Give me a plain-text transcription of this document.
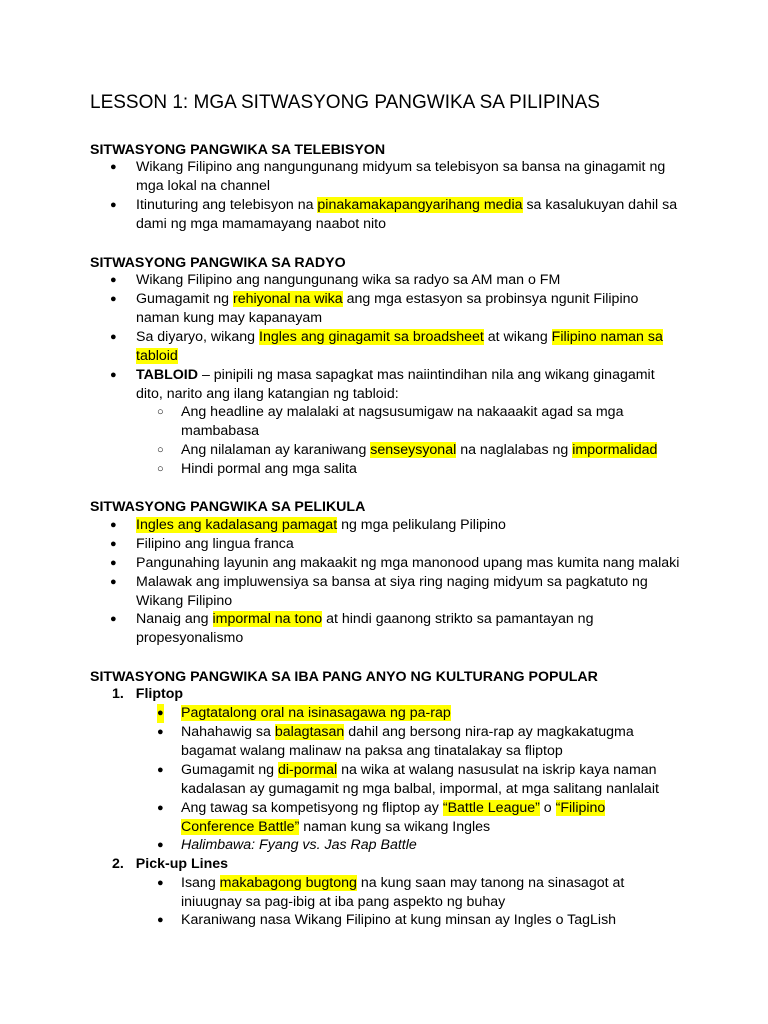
LESSON 1: MGA SITWASYONG PANGWIKA SA PILIPINAS
SITWASYONG PANGWIKA SA TELEBISYON
● Wikang Filipino ang nangungunang midyum sa telebisyon sa bansa na ginagamit ng mga lokal na channel
● Itinuturing ang telebisyon na pinakamakapangyarihang media sa kasalukuyan dahil sa dami ng mga mamamayang naabot nito
SITWASYONG PANGWIKA SA RADYO
● Wikang Filipino ang nangungunang wika sa radyo sa AM man o FM
● Gumagamit ng rehiyonal na wika ang mga estasyon sa probinsya ngunit Filipino naman kung may kapanayam
● Sa diyaryo, wikang Ingles ang ginagamit sa broadsheet at wikang Filipino naman sa tabloid
● TABLOID – pinipili ng masa sapagkat mas naiintindihan nila ang wikang ginagamit dito, narito ang ilang katangian ng tabloid:
○ Ang headline ay malalaki at nagsusumigaw na nakaaakit agad sa mga mambabasa
○ Ang nilalaman ay karaniwang senseysyonal na naglalabas ng impormalidad
○ Hindi pormal ang mga salita
SITWASYONG PANGWIKA SA PELIKULA
● Ingles ang kadalasang pamagat ng mga pelikulang Pilipino
● Filipino ang lingua franca
● Pangunahing layunin ang makaakit ng mga manonood upang mas kumita nang malaki
● Malawak ang impluwensiya sa bansa at siya ring naging midyum sa pagkatuto ng Wikang Filipino
● Nanaig ang impormal na tono at hindi gaanong strikto sa pamantayan ng propesyonalismo
SITWASYONG PANGWIKA SA IBA PANG ANYO NG KULTURANG POPULAR
1. Fliptop
● Pagtatalong oral na isinasagawa ng pa-rap
● Nahahawig sa balagtasan dahil ang bersong nira-rap ay magkakatugma bagamat walang malinaw na paksa ang tinatalakay sa fliptop
● Gumagamit ng di-pormal na wika at walang nasusulat na iskrip kaya naman kadalasan ay gumagamit ng mga balbal, impormal, at mga salitang nanlalait
● Ang tawag sa kompetisyong ng fliptop ay “Battle League” o “Filipino Conference Battle” naman kung sa wikang Ingles
● Halimbawa: Fyang vs. Jas Rap Battle
2. Pick-up Lines
● Isang makabagong bugtong na kung saan may tanong na sinasagot at iniuugnay sa pag-ibig at iba pang aspekto ng buhay
● Karaniwang nasa Wikang Filipino at kung minsan ay Ingles o TagLish
